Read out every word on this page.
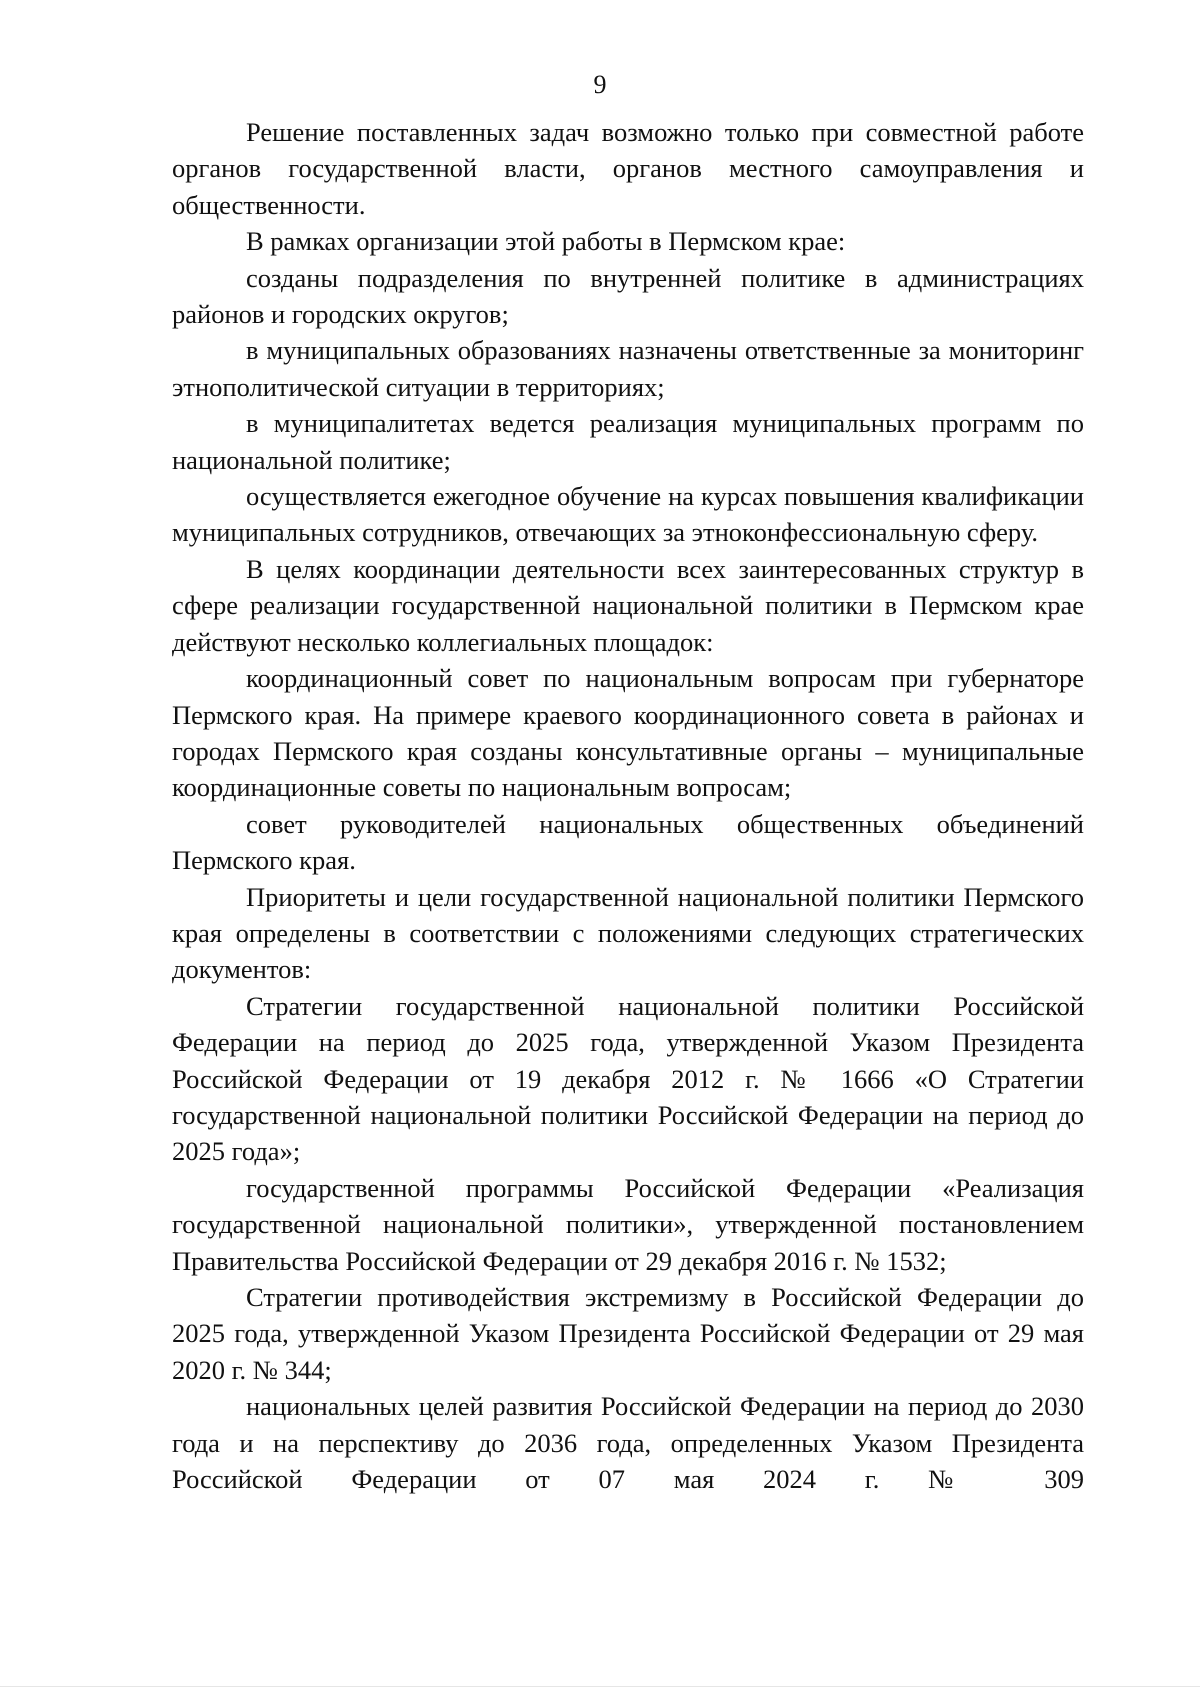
9

Решение поставленных задач возможно только при совместной работе органов государственной власти, органов местного самоуправления и общественности.

В рамках организации этой работы в Пермском крае:

созданы подразделения по внутренней политике в администрациях районов и городских округов;

в муниципальных образованиях назначены ответственные за мониторинг этнополитической ситуации в территориях;

в муниципалитетах ведется реализация муниципальных программ по национальной политике;

осуществляется ежегодное обучение на курсах повышения квалификации муниципальных сотрудников, отвечающих за этноконфессиональную сферу.

В целях координации деятельности всех заинтересованных структур в сфере реализации государственной национальной политики в Пермском крае действуют несколько коллегиальных площадок:

координационный совет по национальным вопросам при губернаторе Пермского края. На примере краевого координационного совета в районах и городах Пермского края созданы консультативные органы – муниципальные координационные советы по национальным вопросам;

совет руководителей национальных общественных объединений Пермского края.

Приоритеты и цели государственной национальной политики Пермского края определены в соответствии с положениями следующих стратегических документов:

Стратегии государственной национальной политики Российской Федерации на период до 2025 года, утвержденной Указом Президента Российской Федерации от 19 декабря 2012 г. № 1666 «О Стратегии государственной национальной политики Российской Федерации на период до 2025 года»;

государственной программы Российской Федерации «Реализация государственной национальной политики», утвержденной постановлением Правительства Российской Федерации от 29 декабря 2016 г. № 1532;

Стратегии противодействия экстремизму в Российской Федерации до 2025 года, утвержденной Указом Президента Российской Федерации от 29 мая 2020 г. № 344;

национальных целей развития Российской Федерации на период до 2030 года и на перспективу до 2036 года, определенных Указом Президента Российской Федерации от 07 мая 2024 г. № 309
